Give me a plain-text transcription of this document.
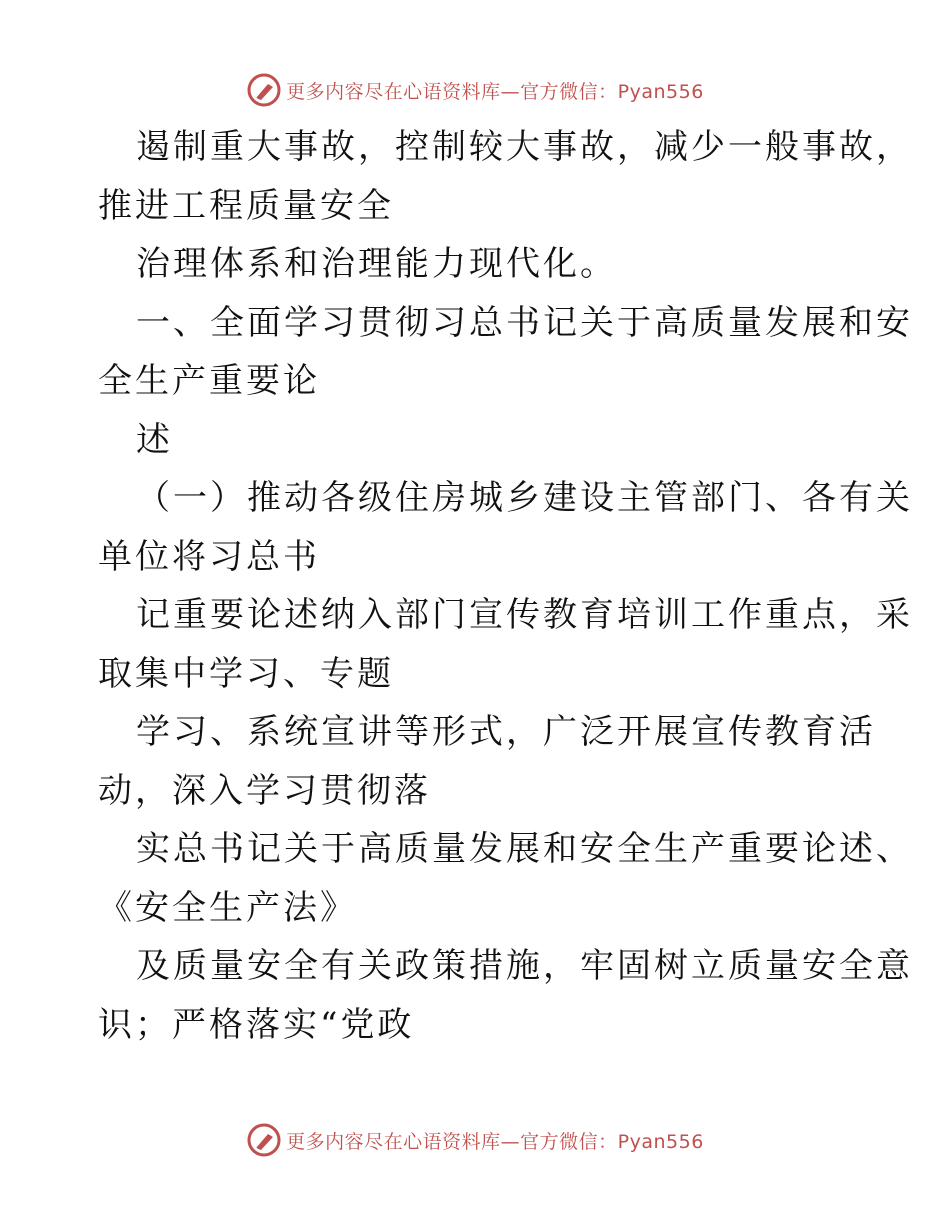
更多内容尽在心语资料库—官方微信：Pyan556
遏制重大事故，控制较大事故，减少一般事故，
推进工程质量安全
治理体系和治理能力现代化。
一、全面学习贯彻习总书记关于高质量发展和安
全生产重要论
述
（一）推动各级住房城乡建设主管部门、各有关
单位将习总书
记重要论述纳入部门宣传教育培训工作重点，采
取集中学习、专题
学习、系统宣讲等形式，广泛开展宣传教育活
动，深入学习贯彻落
实总书记关于高质量发展和安全生产重要论述、
《安全生产法》
及质量安全有关政策措施，牢固树立质量安全意
识；严格落实“党政
更多内容尽在心语资料库—官方微信：Pyan556
